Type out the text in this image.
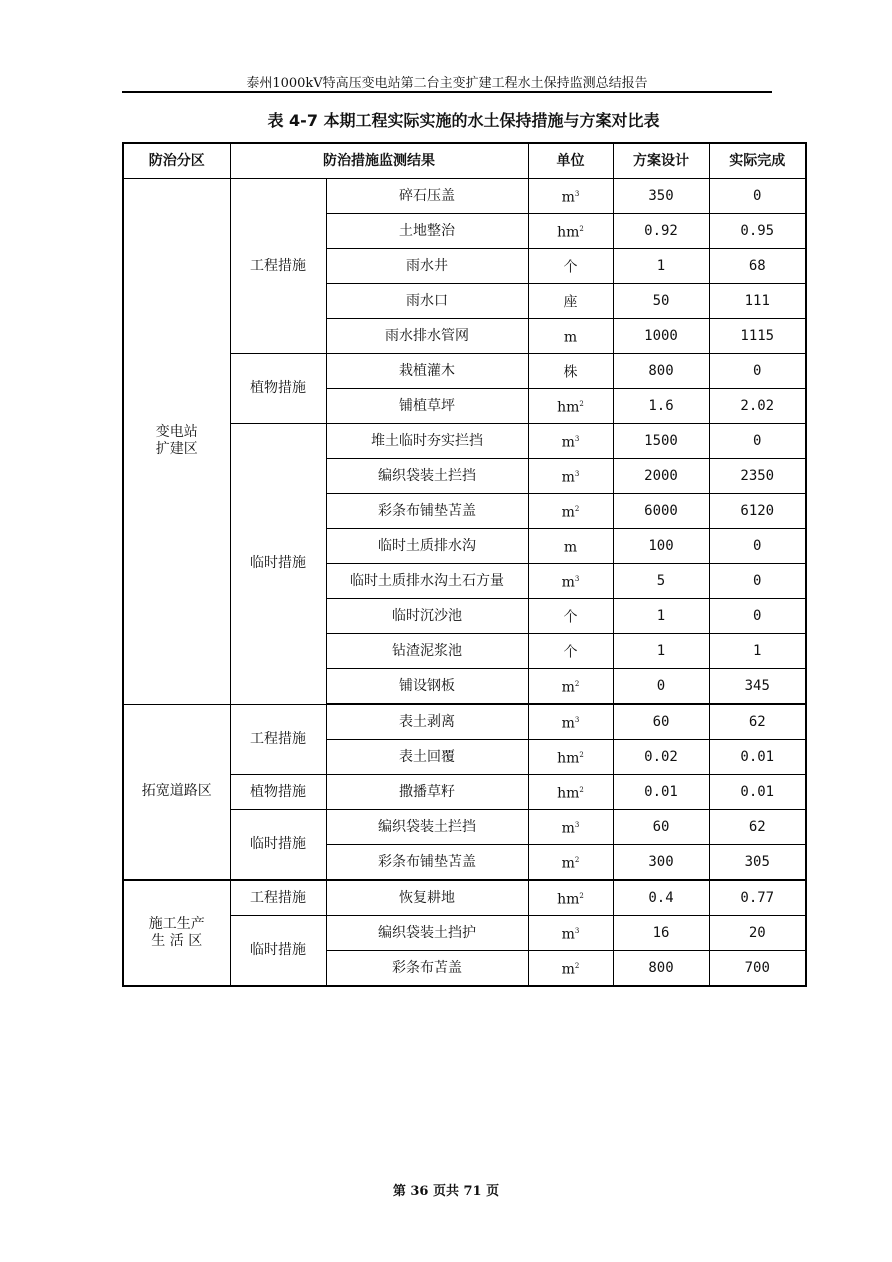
泰州1000kV特高压变电站第二台主变扩建工程水土保持监测总结报告
表 4-7 本期工程实际实施的水土保持措施与方案对比表
防治分区	防治措施监测结果		单位	方案设计	实际完成

变电站
扩建区	工程措施	碎石压盖	$m^3$	350	0
		土地整治	$hm^2$	0.92	0.95
		雨水井	个	1	68
		雨水口	座	50	111
		雨水排水管网	m	1000	1115
	植物措施	栽植灌木	株	800	0
		铺植草坪	$hm^2$	1.6	2.02
	临时措施	堆土临时夯实拦挡	$m^3$	1500	0
		编织袋装土拦挡	$m^3$	2000	2350
		彩条布铺垫苫盖	$m^2$	6000	6120
		临时土质排水沟	m	100	0
		临时土质排水沟土石方量	$m^3$	5	0
		临时沉沙池	个	1	0
		钻渣泥浆池	个	1	1
		铺设钢板	$m^2$	0	345
拓宽道路区	工程措施	表土剥离	$m^3$	60	62
		表土回覆	$hm^2$	0.02	0.01
	植物措施	撒播草籽	$hm^2$	0.01	0.01
	临时措施	编织袋装土拦挡	$m^3$	60	62
		彩条布铺垫苫盖	$m^2$	300	305

施工生产
生 活 区	工程措施	恢复耕地	$hm^2$	0.4	0.77
	临时措施	编织袋装土挡护	$m^3$	16	20
		彩条布苫盖	$m^2$	800	700
第 36 页共 71 页
